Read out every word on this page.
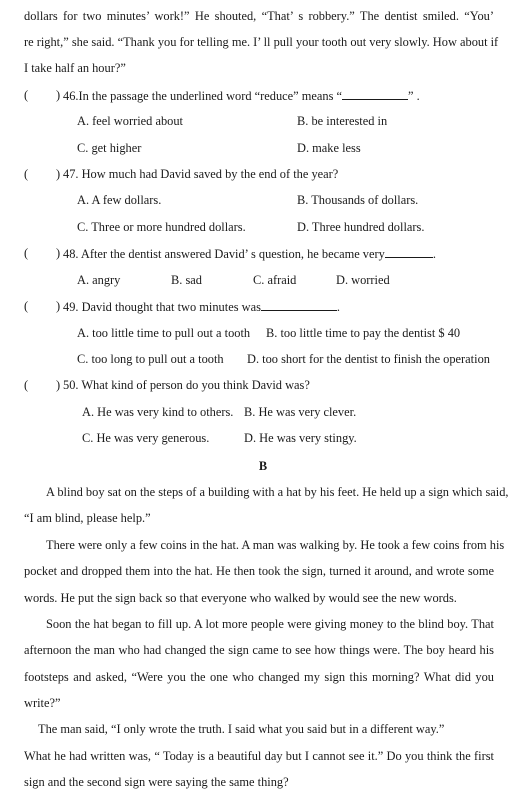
dollars for two minutes’ work!” He shouted, “That’ s robbery.” The dentist smiled. “You’
re right,” she said. “Thank you for telling me. I’ ll pull your tooth out very slowly. How about if
I take half an hour?”
( ) 46.In the passage the underlined word “reduce” means “	” .
A. feel worried about	B. be interested in
C. get higher	D. make less
( ) 47. How much had David saved by the end of the year?
A. A few dollars.	B. Thousands of dollars.
C. Three or more hundred dollars.	D. Three hundred dollars.
( ) 48. After the dentist answered David’ s question, he became very	.
A. angry	B. sad	C. afraid	D. worried
( ) 49. David thought that two minutes was	.
A. too little time to pull out a tooth B. too little time to pay the dentist $ 40
C. too long to pull out a tooth D. too short for the dentist to finish the operation
( ) 50. What kind of person do you think David was?
A. He was very kind to others. B. He was very clever.
C. He was very generous.	D. He was very stingy.
B
A blind boy sat on the steps of a building with a hat by his feet. He held up a sign which said,
“I am blind, please help.”
There were only a few coins in the hat. A man was walking by. He took a few coins from his
pocket and dropped them into the hat. He then took the sign, turned it around, and wrote some
words. He put the sign back so that everyone who walked by would see the new words.
Soon the hat began to fill up. A lot more people were giving money to the blind boy. That
afternoon the man who had changed the sign came to see how things were. The boy heard his
footsteps and asked, “Were you the one who changed my sign this morning? What did you
write?”
The man said, “I only wrote the truth. I said what you said but in a different way.”
What he had written was, “ Today is a beautiful day but I cannot see it.” Do you think the first
sign and the second sign were saying the same thing?
